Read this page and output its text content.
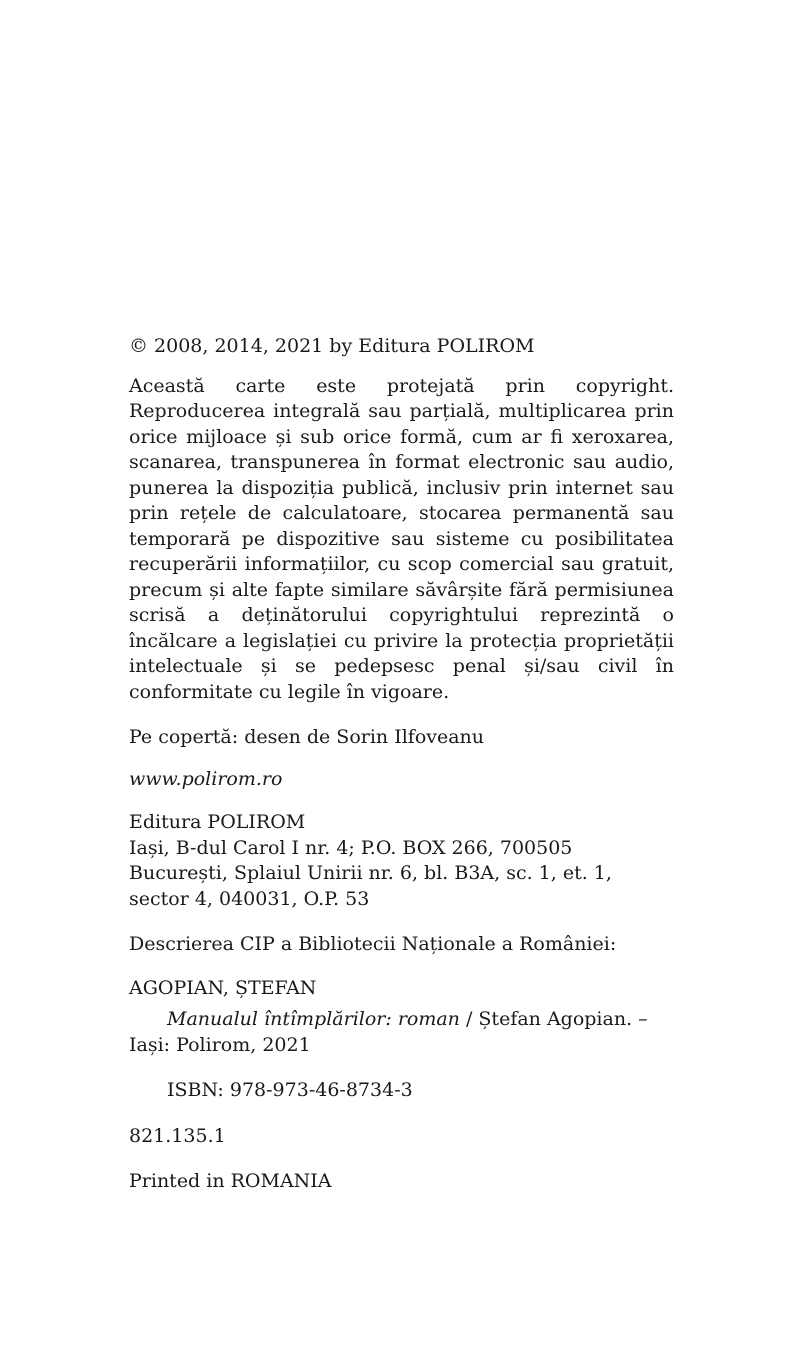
© 2008, 2014, 2021 by Editura POLIROM

Această carte este protejată prin copyright. Reproducerea integrală sau parțială, multiplicarea prin orice mijloace și sub orice formă, cum ar fi xeroxarea, scanarea, transpunerea în format electronic sau audio, punerea la dispoziția publică, inclusiv prin internet sau prin rețele de calculatoare, stocarea permanentă sau temporară pe dispozitive sau sisteme cu posibilitatea recuperării informațiilor, cu scop comercial sau gratuit, precum și alte fapte similare săvârșite fără permisiunea scrisă a deținătorului copyrightului reprezintă o încălcare a legislației cu privire la protecția proprietății intelectuale și se pedepsesc penal și/sau civil în conformitate cu legile în vigoare.

Pe copertă: desen de Sorin Ilfoveanu

www.polirom.ro

Editura POLIROM

Iași, B-dul Carol I nr. 4; P.O. BOX 266, 700505

București, Splaiul Unirii nr. 6, bl. B3A, sc. 1, et. 1,

sector 4, 040031, O.P. 53

Descrierea CIP a Bibliotecii Naționale a României:

AGOPIAN, ȘTEFAN

Manualul întîmplărilor: roman / Ștefan Agopian. –
Iași: Polirom, 2021

ISBN: 978-973-46-8734-3

821.135.1

Printed in ROMANIA
